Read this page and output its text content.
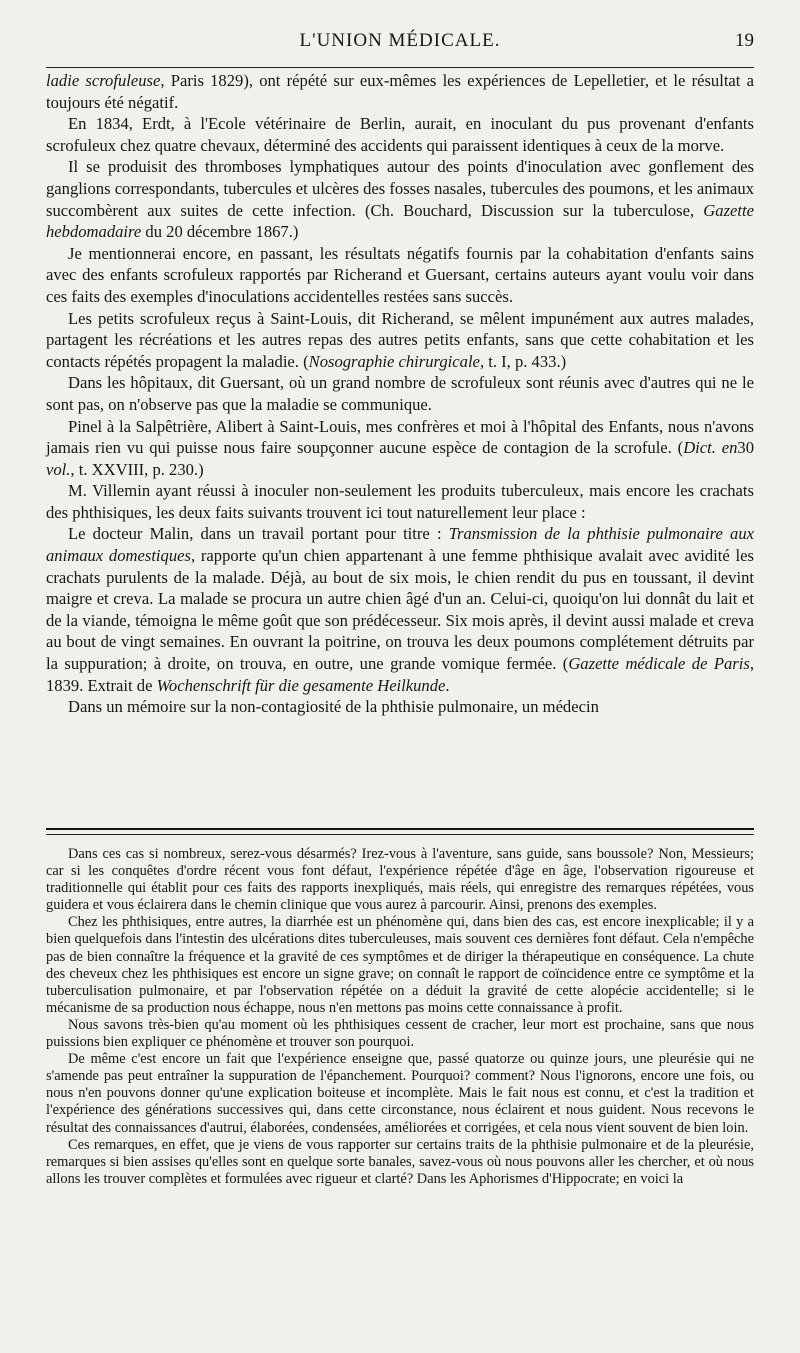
L'UNION MÉDICALE.	19

ladie scrofuleuse, Paris 1829), ont répété sur eux-mêmes les expériences de Lepelletier, et le résultat a toujours été négatif.

En 1834, Erdt, à l'Ecole vétérinaire de Berlin, aurait, en inoculant du pus provenant d'enfants scrofuleux chez quatre chevaux, déterminé des accidents qui paraissent identiques à ceux de la morve.

Il se produisit des thromboses lymphatiques autour des points d'inoculation avec gonflement des ganglions correspondants, tubercules et ulcères des fosses nasales, tubercules des poumons, et les animaux succombèrent aux suites de cette infection. (Ch. Bouchard, Discussion sur la tuberculose, Gazette hebdomadaire du 20 décembre 1867.)

Je mentionnerai encore, en passant, les résultats négatifs fournis par la cohabitation d'enfants sains avec des enfants scrofuleux rapportés par Richerand et Guersant, certains auteurs ayant voulu voir dans ces faits des exemples d'inoculations accidentelles restées sans succès.

Les petits scrofuleux reçus à Saint-Louis, dit Richerand, se mêlent impunément aux autres malades, partagent les récréations et les autres repas des autres petits enfants, sans que cette cohabitation et les contacts répétés propagent la maladie. (Nosographie chirurgicale, t. I, p. 433.)

Dans les hôpitaux, dit Guersant, où un grand nombre de scrofuleux sont réunis avec d'autres qui ne le sont pas, on n'observe pas que la maladie se communique.

Pinel à la Salpêtrière, Alibert à Saint-Louis, mes confrères et moi à l'hôpital des Enfants, nous n'avons jamais rien vu qui puisse nous faire soupçonner aucune espèce de contagion de la scrofule. (Dict. en30 vol., t. XXVIII, p. 230.)

M. Villemin ayant réussi à inoculer non-seulement les produits tuberculeux, mais encore les crachats des phthisiques, les deux faits suivants trouvent ici tout naturellement leur place :

Le docteur Malin, dans un travail portant pour titre : Transmission de la phthisie pulmonaire aux animaux domestiques, rapporte qu'un chien appartenant à une femme phthisique avalait avec avidité les crachats purulents de la malade. Déjà, au bout de six mois, le chien rendit du pus en toussant, il devint maigre et creva. La malade se procura un autre chien âgé d'un an. Celui-ci, quoiqu'on lui donnât du lait et de la viande, témoigna le même goût que son prédécesseur. Six mois après, il devint aussi malade et creva au bout de vingt semaines. En ouvrant la poitrine, on trouva les deux poumons complétement détruits par la suppuration; à droite, on trouva, en outre, une grande vomique fermée. (Gazette médicale de Paris, 1839. Extrait de Wochenschrift für die gesamente Heilkunde.

Dans un mémoire sur la non-contagiosité de la phthisie pulmonaire, un médecin

Dans ces cas si nombreux, serez-vous désarmés? Irez-vous à l'aventure, sans guide, sans boussole? Non, Messieurs; car si les conquêtes d'ordre récent vous font défaut, l'expérience répétée d'âge en âge, l'observation rigoureuse et traditionnelle qui établit pour ces faits des rapports inexpliqués, mais réels, qui enregistre des remarques répétées, vous guidera et vous éclairera dans le chemin clinique que vous aurez à parcourir. Ainsi, prenons des exemples.

Chez les phthisiques, entre autres, la diarrhée est un phénomène qui, dans bien des cas, est encore inexplicable; il y a bien quelquefois dans l'intestin des ulcérations dites tuberculeuses, mais souvent ces dernières font défaut. Cela n'empêche pas de bien connaître la fréquence et la gravité de ces symptômes et de diriger la thérapeutique en conséquence. La chute des cheveux chez les phthisiques est encore un signe grave; on connaît le rapport de coïncidence entre ce symptôme et la tuberculisation pulmonaire, et par l'observation répétée on a déduit la gravité de cette alopécie accidentelle; si le mécanisme de sa production nous échappe, nous n'en mettons pas moins cette connaissance à profit.

Nous savons très-bien qu'au moment où les phthisiques cessent de cracher, leur mort est prochaine, sans que nous puissions bien expliquer ce phénomène et trouver son pourquoi.

De même c'est encore un fait que l'expérience enseigne que, passé quatorze ou quinze jours, une pleurésie qui ne s'amende pas peut entraîner la suppuration de l'épanchement. Pourquoi? comment? Nous l'ignorons, encore une fois, ou nous n'en pouvons donner qu'une explication boiteuse et incomplète. Mais le fait nous est connu, et c'est la tradition et l'expérience des générations successives qui, dans cette circonstance, nous éclairent et nous guident. Nous recevons le résultat des connaissances d'autrui, élaborées, condensées, améliorées et corrigées, et cela nous vient souvent de bien loin.

Ces remarques, en effet, que je viens de vous rapporter sur certains traits de la phthisie pulmonaire et de la pleurésie, remarques si bien assises qu'elles sont en quelque sorte banales, savez-vous où nous pouvons aller les chercher, et où nous allons les trouver complètes et formulées avec rigueur et clarté? Dans les Aphorismes d'Hippocrate; en voici la
